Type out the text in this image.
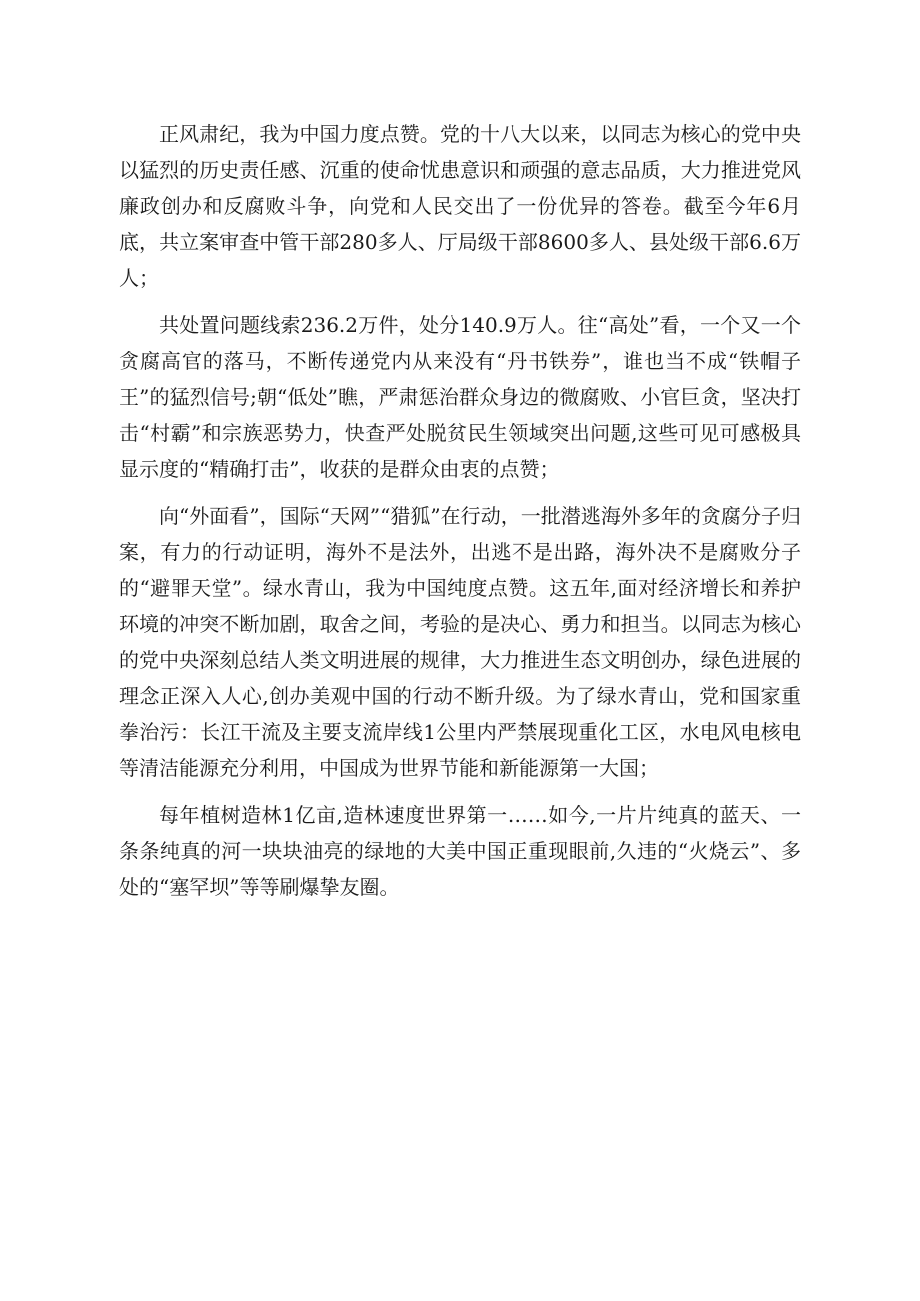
正风肃纪，我为中国力度点赞。党的十八大以来，以同志为核心的党中央以猛烈的历史责任感、沉重的使命忧患意识和顽强的意志品质，大力推进党风廉政创办和反腐败斗争，向党和人民交出了一份优异的答卷。截至今年6月底，共立案审查中管干部280多人、厅局级干部8600多人、县处级干部6.6万人；

共处置问题线索236.2万件，处分140.9万人。往“高处”看，一个又一个贪腐高官的落马，不断传递党内从来没有“丹书铁券”，谁也当不成“铁帽子王”的猛烈信号;朝“低处”瞧，严肃惩治群众身边的微腐败、小官巨贪，坚决打击“村霸”和宗族恶势力，快查严处脱贫民生领域突出问题,这些可见可感极具显示度的“精确打击”，收获的是群众由衷的点赞；

向“外面看”，国际“天网”“猎狐”在行动，一批潜逃海外多年的贪腐分子归案，有力的行动证明，海外不是法外，出逃不是出路，海外决不是腐败分子的“避罪天堂”。绿水青山，我为中国纯度点赞。这五年,面对经济增长和养护环境的冲突不断加剧，取舍之间，考验的是决心、勇力和担当。以同志为核心的党中央深刻总结人类文明进展的规律，大力推进生态文明创办，绿色进展的理念正深入人心,创办美观中国的行动不断升级。为了绿水青山，党和国家重拳治污：长江干流及主要支流岸线1公里内严禁展现重化工区，水电风电核电等清洁能源充分利用，中国成为世界节能和新能源第一大国；

每年植树造林1亿亩,造林速度世界第一……如今,一片片纯真的蓝天、一条条纯真的河一块块油亮的绿地的大美中国正重现眼前,久违的“火烧云”、多处的“塞罕坝”等等刷爆挚友圈。
